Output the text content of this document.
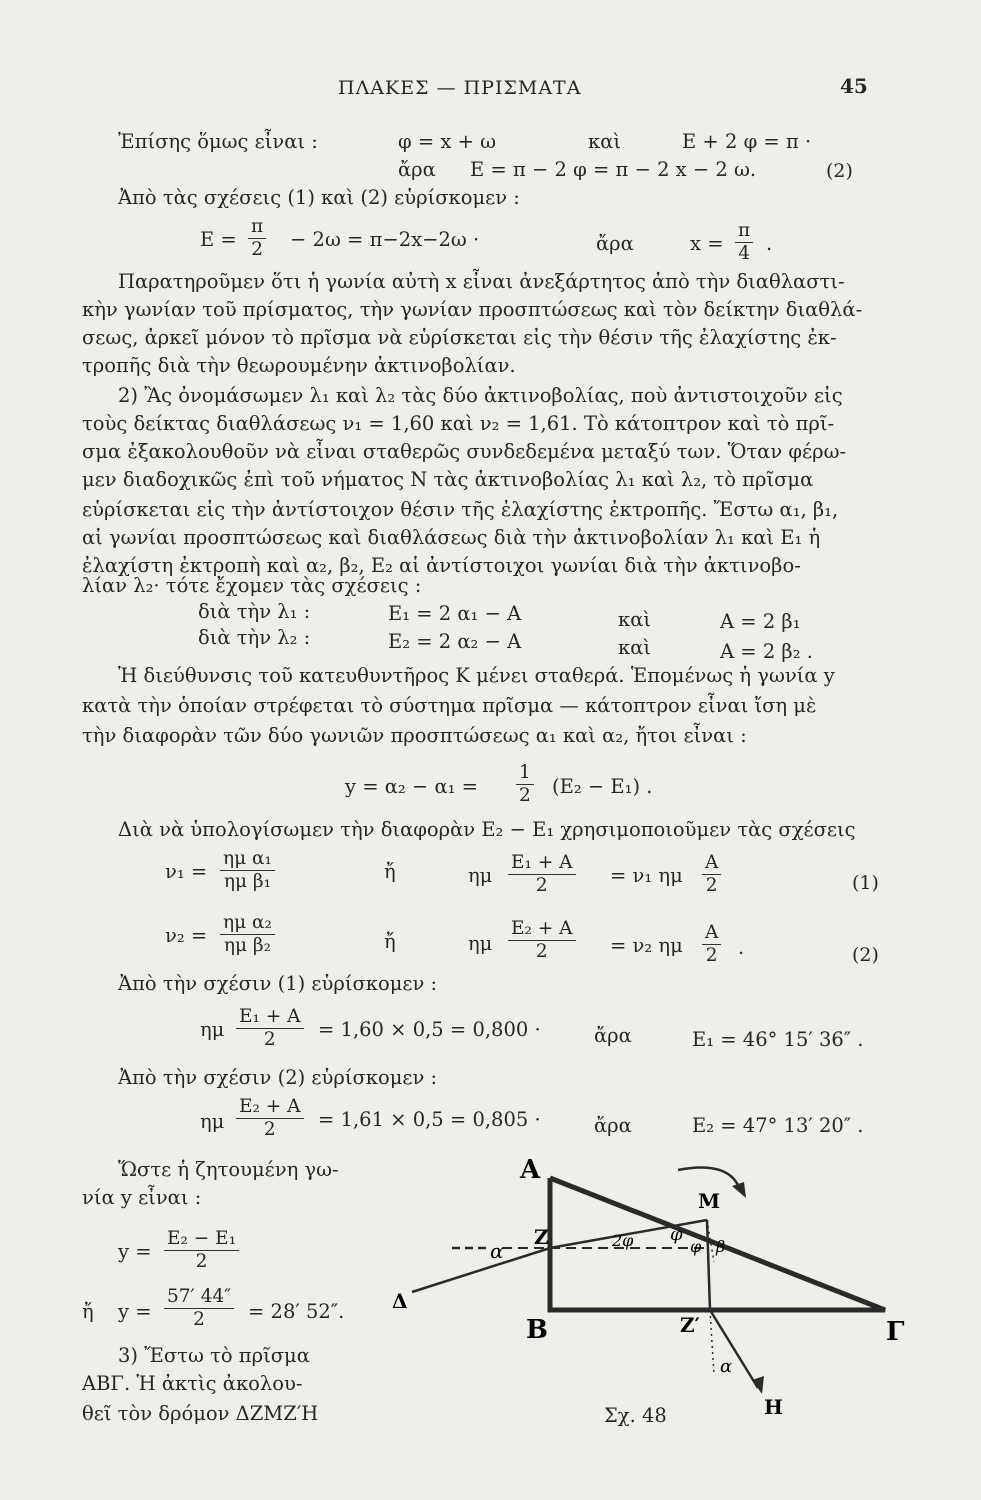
ΠΛΑΚΕΣ — ΠΡΙΣΜΑΤΑ	45
Ἐπίσης ὅμως εἶναι :	φ = x + ω	καὶ	E + 2 φ = π ·
ἄρα E = π − 2 φ = π − 2 x − 2 ω.	(2)
Ἀπὸ τὰς σχέσεις (1) καὶ (2) εὑρίσκομεν :
$E = \frac{\pi}{2} - 2\omega = \pi-2x-2\omega$ ·	ἄρα	$x = \frac{\pi}{4}$ .
Παρατηροῦμεν ὅτι ἡ γωνία αὐτὴ x εἶναι ἀνεξάρτητος ἀπὸ τὴν διαθλαστι-
κὴν γωνίαν τοῦ πρίσματος, τὴν γωνίαν προσπτώσεως καὶ τὸν δείκτην διαθλά-
σεως, ἀρκεῖ μόνον τὸ πρῖσμα νὰ εὑρίσκεται εἰς τὴν θέσιν τῆς ἐλαχίστης ἐκ-
τροπῆς διὰ τὴν θεωρουμένην ἀκτινοβολίαν.
2) Ἂς ὀνομάσωμεν λ₁ καὶ λ₂ τὰς δύο ἀκτινοβολίας, ποὺ ἀντιστοιχοῦν εἰς
τοὺς δείκτας διαθλάσεως ν₁ = 1,60 καὶ ν₂ = 1,61. Τὸ κάτοπτρον καὶ τὸ πρῖ-
σμα ἐξακολουθοῦν νὰ εἶναι σταθερῶς συνδεδεμένα μεταξύ των. Ὅταν φέρω-
μεν διαδοχικῶς ἐπὶ τοῦ νήματος Ν τὰς ἀκτινοβολίας λ₁ καὶ λ₂, τὸ πρῖσμα
εὑρίσκεται εἰς τὴν ἀντίστοιχον θέσιν τῆς ἐλαχίστης ἐκτροπῆς. Ἔστω α₁, β₁,
αἱ γωνίαι προσπτώσεως καὶ διαθλάσεως διὰ τὴν ἀκτινοβολίαν λ₁ καὶ E₁ ἡ
ἐλαχίστη ἐκτροπὴ καὶ α₂, β₂, E₂ αἱ ἀντίστοιχοι γωνίαι διὰ τὴν ἀκτινοβο-
λίαν λ₂· τότε ἔχομεν τὰς σχέσεις :
διὰ τὴν λ₁ :	E₁ = 2 α₁ − A	καὶ	A = 2 β₁
διὰ τὴν λ₂ :	E₂ = 2 α₂ − A	καὶ	A = 2 β₂ .
Ἡ διεύθυνσις τοῦ κατευθυντῆρος Κ μένει σταθερά. Ἑπομένως ἡ γωνία y
κατὰ τὴν ὁποίαν στρέφεται τὸ σύστημα πρῖσμα — κάτοπτρον εἶναι ἴση μὲ
τὴν διαφορὰν τῶν δύο γωνιῶν προσπτώσεως α₁ καὶ α₂, ἤτοι εἶναι :
$y = \alpha_2 - \alpha_1 = \frac{1}{2} (E_2 - E_1)$ .
Διὰ νὰ ὑπολογίσωμεν τὴν διαφορὰν E₂ − E₁ χρησιμοποιοῦμεν τὰς σχέσεις
$\nu_1 = \frac{\text{ημ α₁}}{\text{ημ β₁}}$	ἤ	ημ $\frac{\text{E₁ + A}}{2} = \nu_1$ ημ $\frac{A}{2}$	(1)
$\nu_2 = \frac{\text{ημ α₂}}{\text{ημ β₂}}$	ἤ	ημ $\frac{\text{E₂ + A}}{2} = \nu_2$ ημ $\frac{A}{2}$ .	(2)
Ἀπὸ τὴν σχέσιν (1) εὑρίσκομεν :
ημ $\frac{\text{E₁ + A}}{2} = 1,60 \times 0,5 = 0,800$ ·	ἄρα	E₁ = 46° 15′ 36″ .
Ἀπὸ τὴν σχέσιν (2) εὑρίσκομεν :
ημ $\frac{\text{E₂ + A}}{2} = 1,61 \times 0,5 = 0,805$ ·	ἄρα	E₂ = 47° 13′ 20″ .
Ὥστε ἡ ζητουμένη γω-
νία y εἶναι :
$y = \frac{\text{E₂ − E₁}}{2}$
ἤ $y = \frac{57' 44''}{2} = 28'$ 52″.
3) Ἔστω τὸ πρῖσμα
ΑΒΓ. Ἡ ἀκτὶς ἀκολου-
θεῖ τὸν δρόμον ΔΖΜΖ′Η
A
B	Γ
M
Z
Z′
Δ
H
α
α
φ
φ β
2φ
Σχ. 48
